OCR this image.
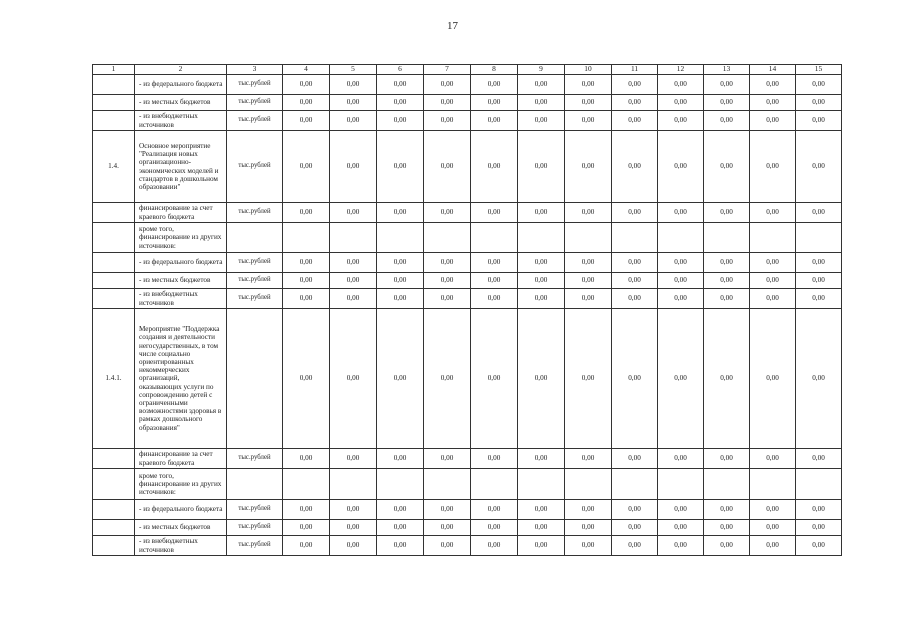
17
1	2	3	4	5	6	7	8	9	10	11	12	13	14	15
	- из федерального бюджета	тыс.рублей	0,00	0,00	0,00	0,00	0,00	0,00	0,00	0,00	0,00	0,00	0,00	0,00
	- из местных бюджетов	тыс.рублей	0,00	0,00	0,00	0,00	0,00	0,00	0,00	0,00	0,00	0,00	0,00	0,00
	- из внебюджетных источников	тыс.рублей	0,00	0,00	0,00	0,00	0,00	0,00	0,00	0,00	0,00	0,00	0,00	0,00
1.4.	Основное мероприятие "Реализация новых организационно-экономических моделей и стандартов в дошкольном образовании"	тыс.рублей	0,00	0,00	0,00	0,00	0,00	0,00	0,00	0,00	0,00	0,00	0,00	0,00
	финансирование за счет краевого бюджета	тыс.рублей	0,00	0,00	0,00	0,00	0,00	0,00	0,00	0,00	0,00	0,00	0,00	0,00
	кроме того, финансирование из других источников:													
	- из федерального бюджета	тыс.рублей	0,00	0,00	0,00	0,00	0,00	0,00	0,00	0,00	0,00	0,00	0,00	0,00
	- из местных бюджетов	тыс.рублей	0,00	0,00	0,00	0,00	0,00	0,00	0,00	0,00	0,00	0,00	0,00	0,00
	- из внебюджетных источников	тыс.рублей	0,00	0,00	0,00	0,00	0,00	0,00	0,00	0,00	0,00	0,00	0,00	0,00
1.4.1.	Мероприятие "Поддержка создания и деятельности негосударственных, в том числе социально ориентированных некоммерческих организаций, оказывающих услуги по сопровождению детей с ограниченными возможностями здоровья в рамках дошкольного образования"		0,00	0,00	0,00	0,00	0,00	0,00	0,00	0,00	0,00	0,00	0,00	0,00
	финансирование за счет краевого бюджета	тыс.рублей	0,00	0,00	0,00	0,00	0,00	0,00	0,00	0,00	0,00	0,00	0,00	0,00
	кроме того, финансирование из других источников:													
	- из федерального бюджета	тыс.рублей	0,00	0,00	0,00	0,00	0,00	0,00	0,00	0,00	0,00	0,00	0,00	0,00
	- из местных бюджетов	тыс.рублей	0,00	0,00	0,00	0,00	0,00	0,00	0,00	0,00	0,00	0,00	0,00	0,00
	- из внебюджетных источников	тыс.рублей	0,00	0,00	0,00	0,00	0,00	0,00	0,00	0,00	0,00	0,00	0,00	0,00
